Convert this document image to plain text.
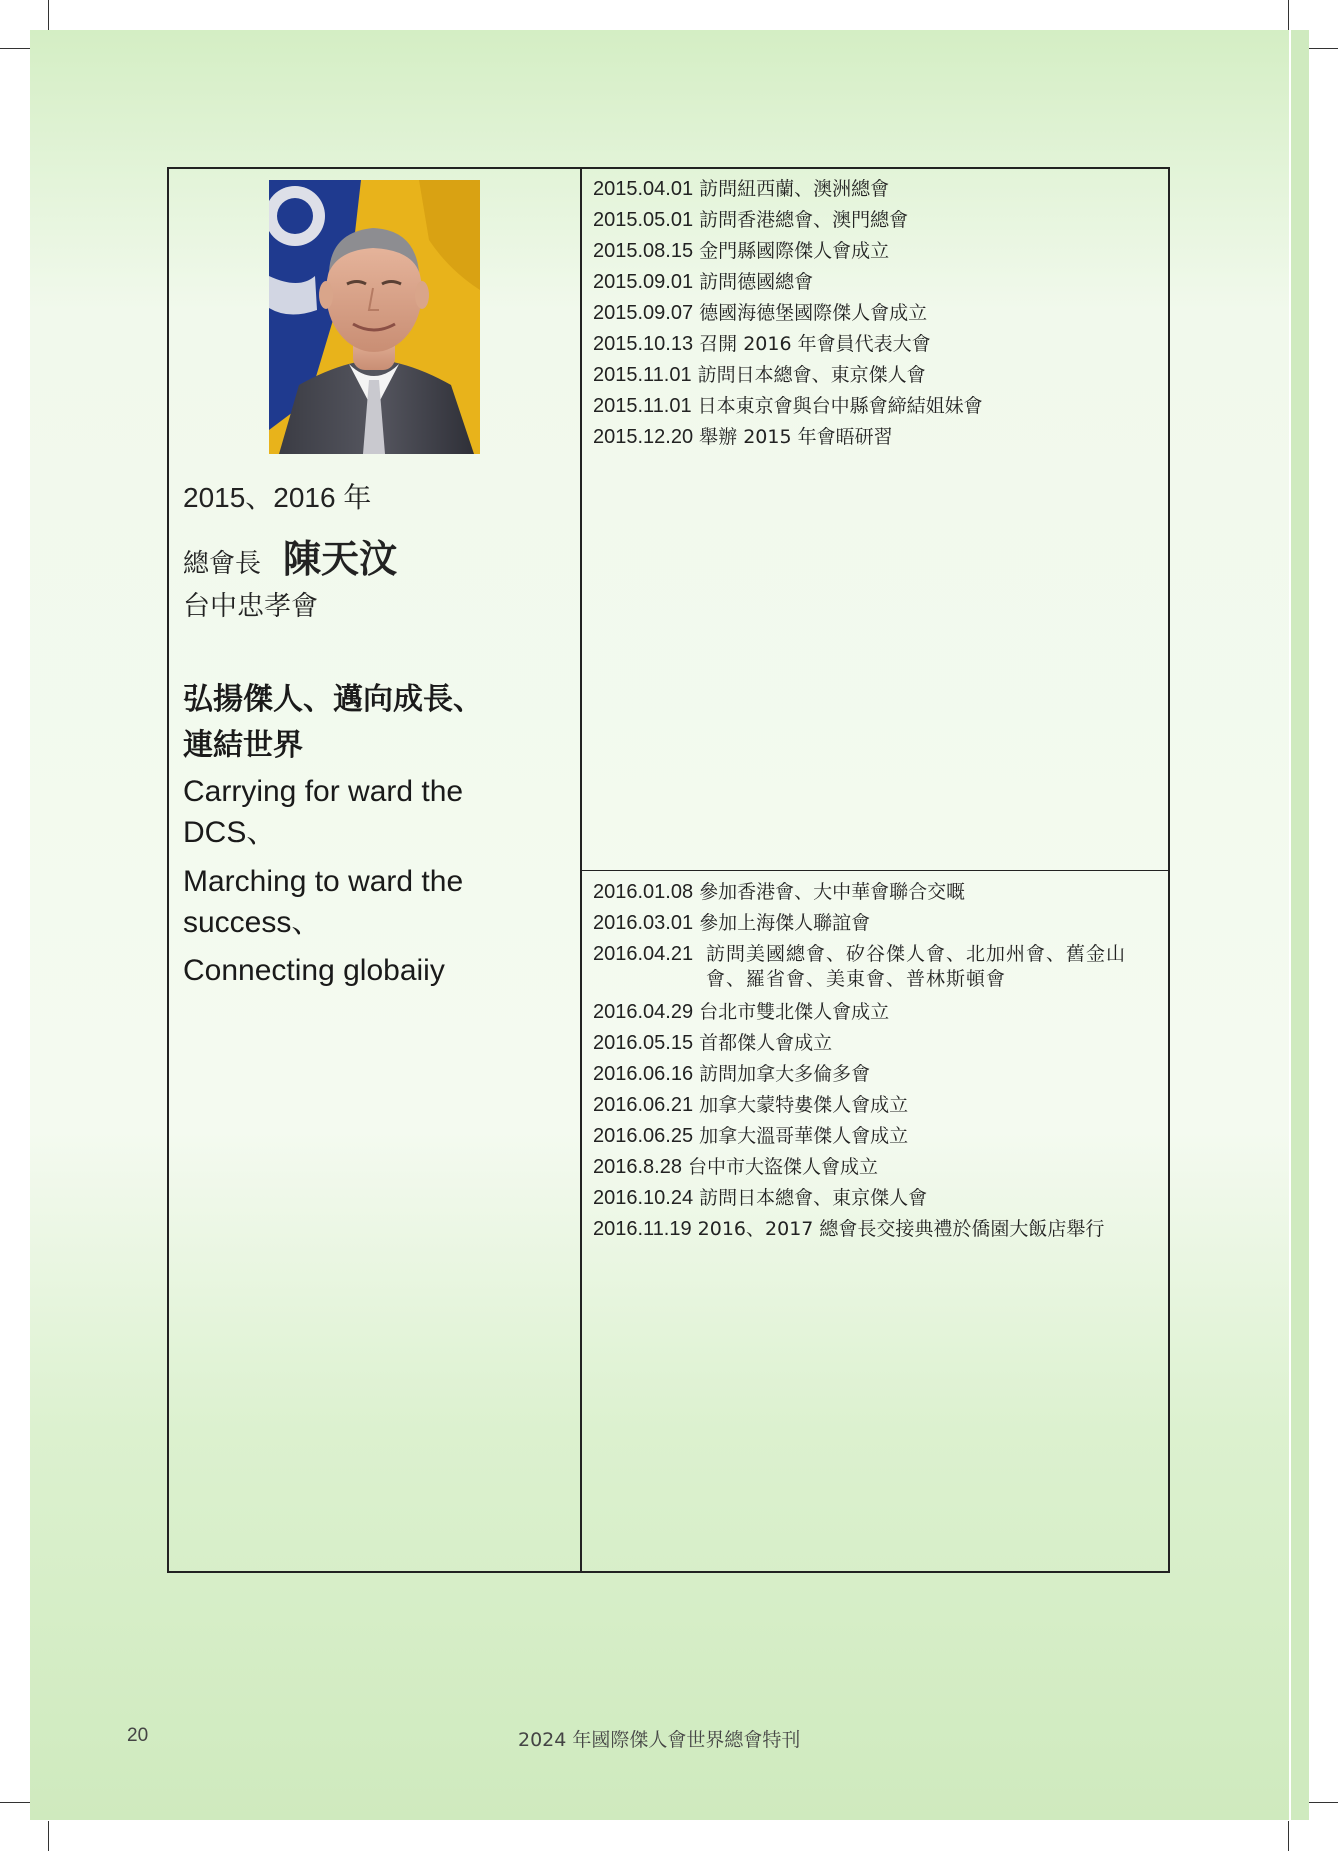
2015、2016 年
總會長 陳天汶
台中忠孝會
弘揚傑人、邁向成長、
連結世界
Carrying for ward the
DCS、
Marching to ward the
success、
Connecting globaiiy
2015.04.01 訪問紐西蘭、澳洲總會
2015.05.01 訪問香港總會、澳門總會
2015.08.15 金門縣國際傑人會成立
2015.09.01 訪問德國總會
2015.09.07 德國海德堡國際傑人會成立
2015.10.13 召開 2016 年會員代表大會
2015.11.01 訪問日本總會、東京傑人會
2015.11.01 日本東京會與台中縣會締結姐妹會
2015.12.20 舉辦 2015 年會晤研習
2016.01.08 參加香港會、大中華會聯合交嘅
2016.03.01 參加上海傑人聯誼會
2016.04.21 訪問美國總會、矽谷傑人會、北加州會、舊金山會、羅省會、美東會、普林斯頓會
2016.04.29 台北市雙北傑人會成立
2016.05.15 首都傑人會成立
2016.06.16 訪問加拿大多倫多會
2016.06.21 加拿大蒙特婁傑人會成立
2016.06.25 加拿大溫哥華傑人會成立
2016.8.28 台中市大盜傑人會成立
2016.10.24 訪問日本總會、東京傑人會
2016.11.19 2016、2017 總會長交接典禮於僑園大飯店舉行
20	2024 年國際傑人會世界總會特刊
